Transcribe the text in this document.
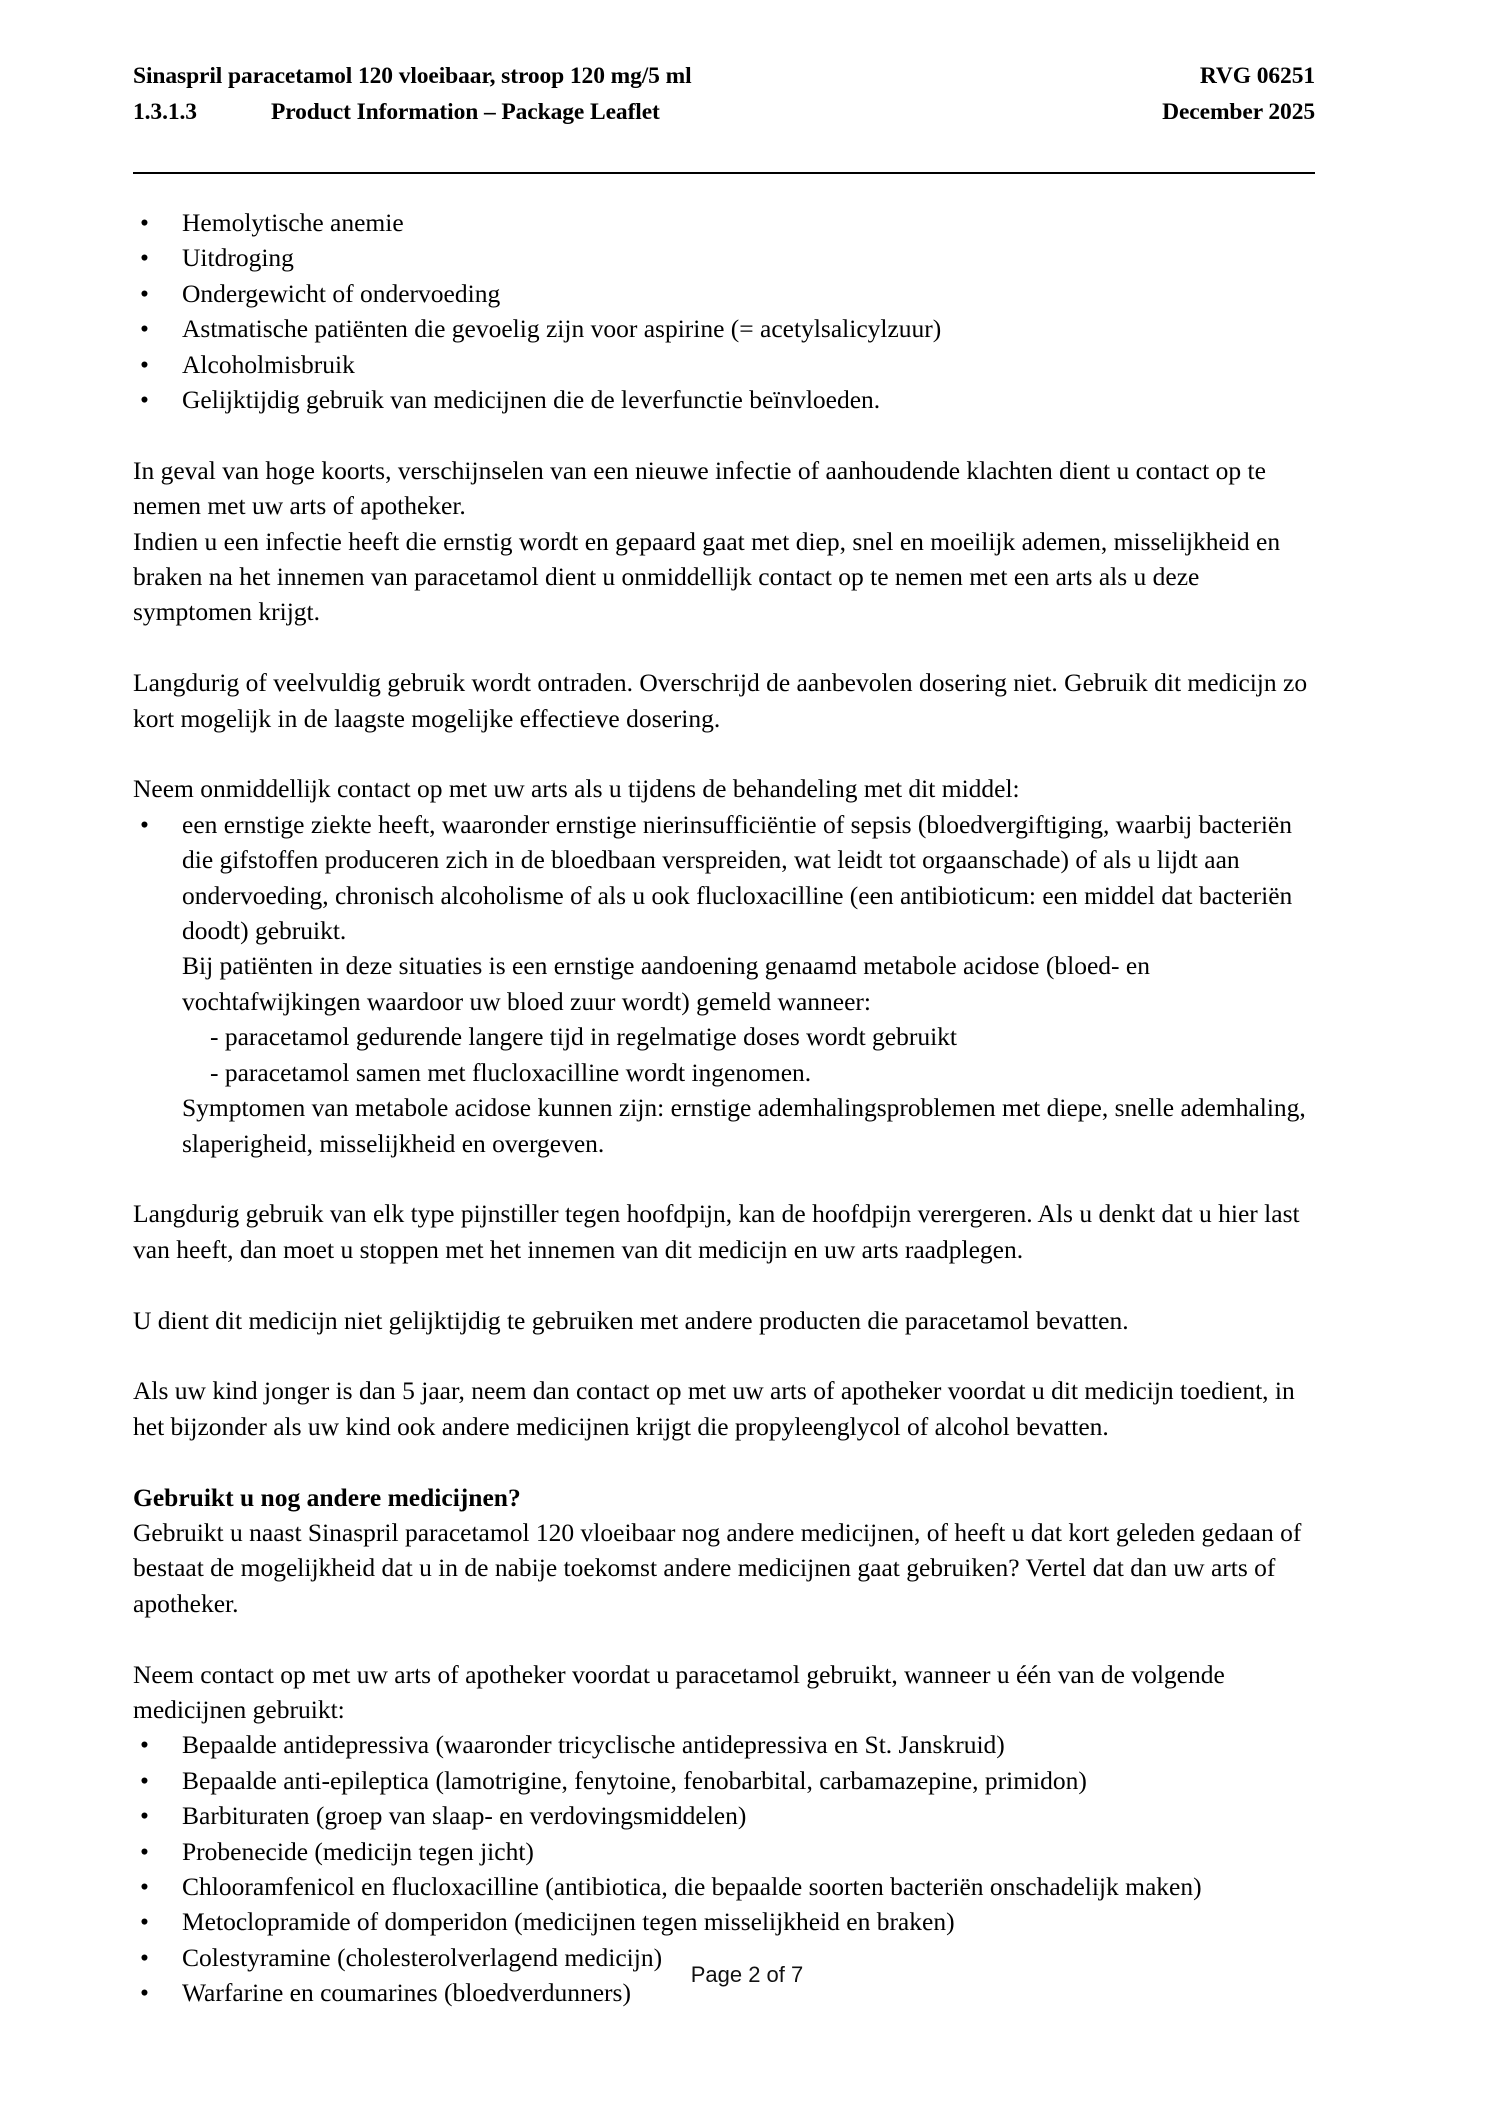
Sinaspril paracetamol 120 vloeibaar, stroop 120 mg/5 ml	RVG 06251
1.3.1.3	Product Information – Package Leaflet	December 2025
• Hemolytische anemie
• Uitdroging
• Ondergewicht of ondervoeding
• Astmatische patiënten die gevoelig zijn voor aspirine (= acetylsalicylzuur)
• Alcoholmisbruik
• Gelijktijdig gebruik van medicijnen die de leverfunctie beïnvloeden.

In geval van hoge koorts, verschijnselen van een nieuwe infectie of aanhoudende klachten dient u contact op te nemen met uw arts of apotheker.

Indien u een infectie heeft die ernstig wordt en gepaard gaat met diep, snel en moeilijk ademen, misselijkheid en braken na het innemen van paracetamol dient u onmiddellijk contact op te nemen met een arts als u deze symptomen krijgt.

Langdurig of veelvuldig gebruik wordt ontraden. Overschrijd de aanbevolen dosering niet. Gebruik dit medicijn zo kort mogelijk in de laagste mogelijke effectieve dosering.

Neem onmiddellijk contact op met uw arts als u tijdens de behandeling met dit middel:

• een ernstige ziekte heeft, waaronder ernstige nierinsufficiëntie of sepsis (bloedvergiftiging, waarbij bacteriën die gifstoffen produceren zich in de bloedbaan verspreiden, wat leidt tot orgaanschade) of als u lijdt aan ondervoeding, chronisch alcoholisme of als u ook flucloxacilline (een antibioticum: een middel dat bacteriën doodt) gebruikt.

Bij patiënten in deze situaties is een ernstige aandoening genaamd metabole acidose (bloed- en vochtafwijkingen waardoor uw bloed zuur wordt) gemeld wanneer:

- paracetamol gedurende langere tijd in regelmatige doses wordt gebruikt

- paracetamol samen met flucloxacilline wordt ingenomen.

Symptomen van metabole acidose kunnen zijn: ernstige ademhalingsproblemen met diepe, snelle ademhaling, slaperigheid, misselijkheid en overgeven.

Langdurig gebruik van elk type pijnstiller tegen hoofdpijn, kan de hoofdpijn verergeren. Als u denkt dat u hier last van heeft, dan moet u stoppen met het innemen van dit medicijn en uw arts raadplegen.

U dient dit medicijn niet gelijktijdig te gebruiken met andere producten die paracetamol bevatten.

Als uw kind jonger is dan 5 jaar, neem dan contact op met uw arts of apotheker voordat u dit medicijn toedient, in het bijzonder als uw kind ook andere medicijnen krijgt die propyleenglycol of alcohol bevatten.

Gebruikt u nog andere medicijnen?

Gebruikt u naast Sinaspril paracetamol 120 vloeibaar nog andere medicijnen, of heeft u dat kort geleden gedaan of bestaat de mogelijkheid dat u in de nabije toekomst andere medicijnen gaat gebruiken? Vertel dat dan uw arts of apotheker.

Neem contact op met uw arts of apotheker voordat u paracetamol gebruikt, wanneer u één van de volgende medicijnen gebruikt:

• Bepaalde antidepressiva (waaronder tricyclische antidepressiva en St. Janskruid)
• Bepaalde anti-epileptica (lamotrigine, fenytoine, fenobarbital, carbamazepine, primidon)
• Barbituraten (groep van slaap- en verdovingsmiddelen)
• Probenecide (medicijn tegen jicht)
• Chlooramfenicol en flucloxacilline (antibiotica, die bepaalde soorten bacteriën onschadelijk maken)
• Metoclopramide of domperidon (medicijnen tegen misselijkheid en braken)
• Colestyramine (cholesterolverlagend medicijn)
• Warfarine en coumarines (bloedverdunners)
Page 2 of 7
